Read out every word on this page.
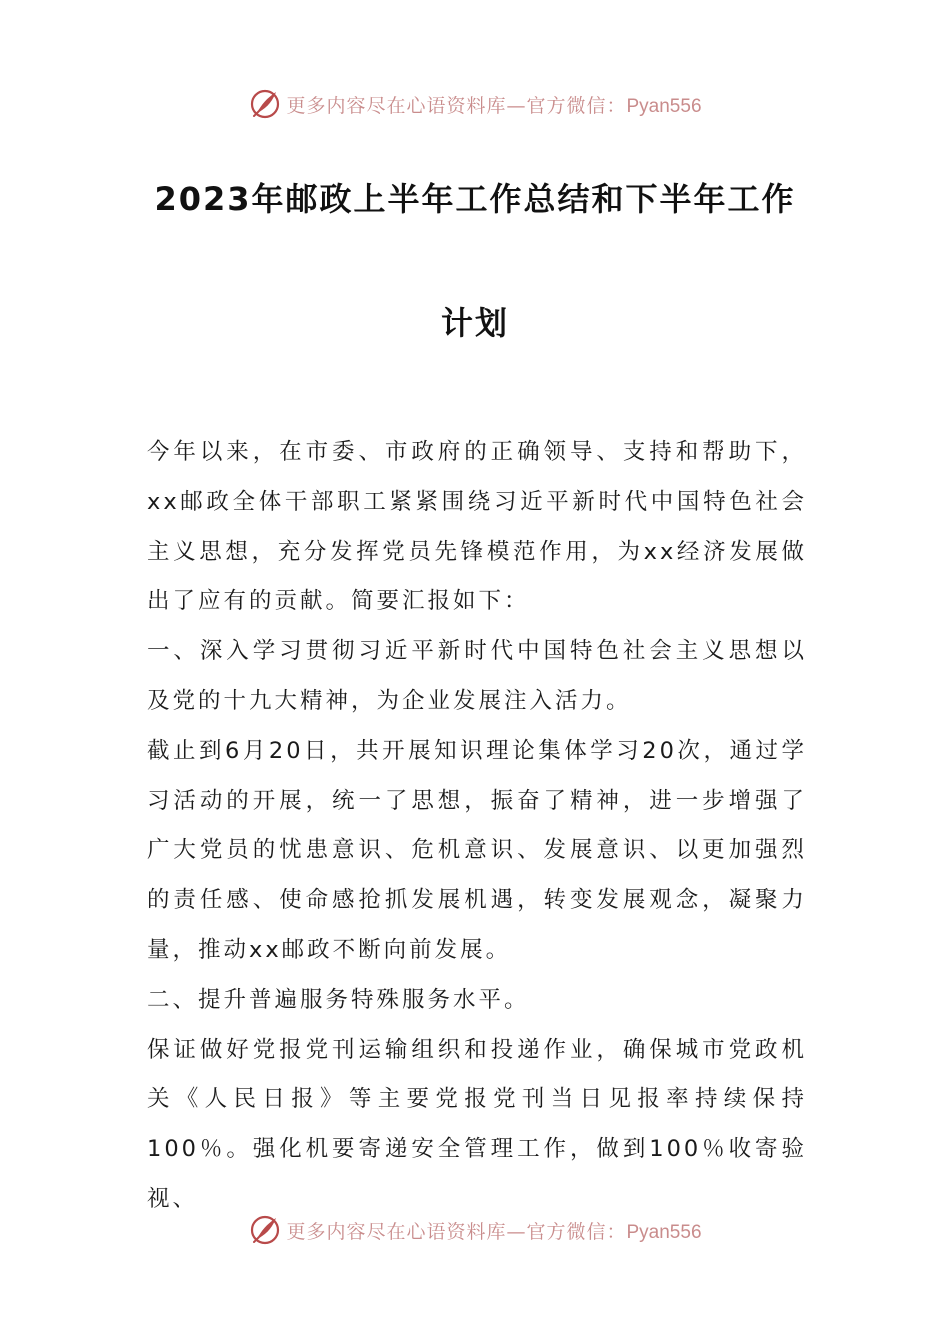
更多内容尽在心语资料库—官方微信：Pyan556
2023年邮政上半年工作总结和下半年工作
计划

今年以来，在市委、市政府的正确领导、支持和帮助下，xx邮政全体干部职工紧紧围绕习近平新时代中国特色社会主义思想，充分发挥党员先锋模范作用，为xx经济发展做出了应有的贡献。简要汇报如下：

一、深入学习贯彻习近平新时代中国特色社会主义思想以及党的十九大精神，为企业发展注入活力。

截止到6月20日，共开展知识理论集体学习20次，通过学习活动的开展，统一了思想，振奋了精神，进一步增强了广大党员的忧患意识、危机意识、发展意识、以更加强烈的责任感、使命感抢抓发展机遇，转变发展观念，凝聚力量，推动xx邮政不断向前发展。

二、提升普遍服务特殊服务水平。

保证做好党报党刊运输组织和投递作业，确保城市党政机关《人民日报》等主要党报党刊当日见报率持续保持100％。强化机要寄递安全管理工作，做到100％收寄验视、

更多内容尽在心语资料库—官方微信：Pyan556
